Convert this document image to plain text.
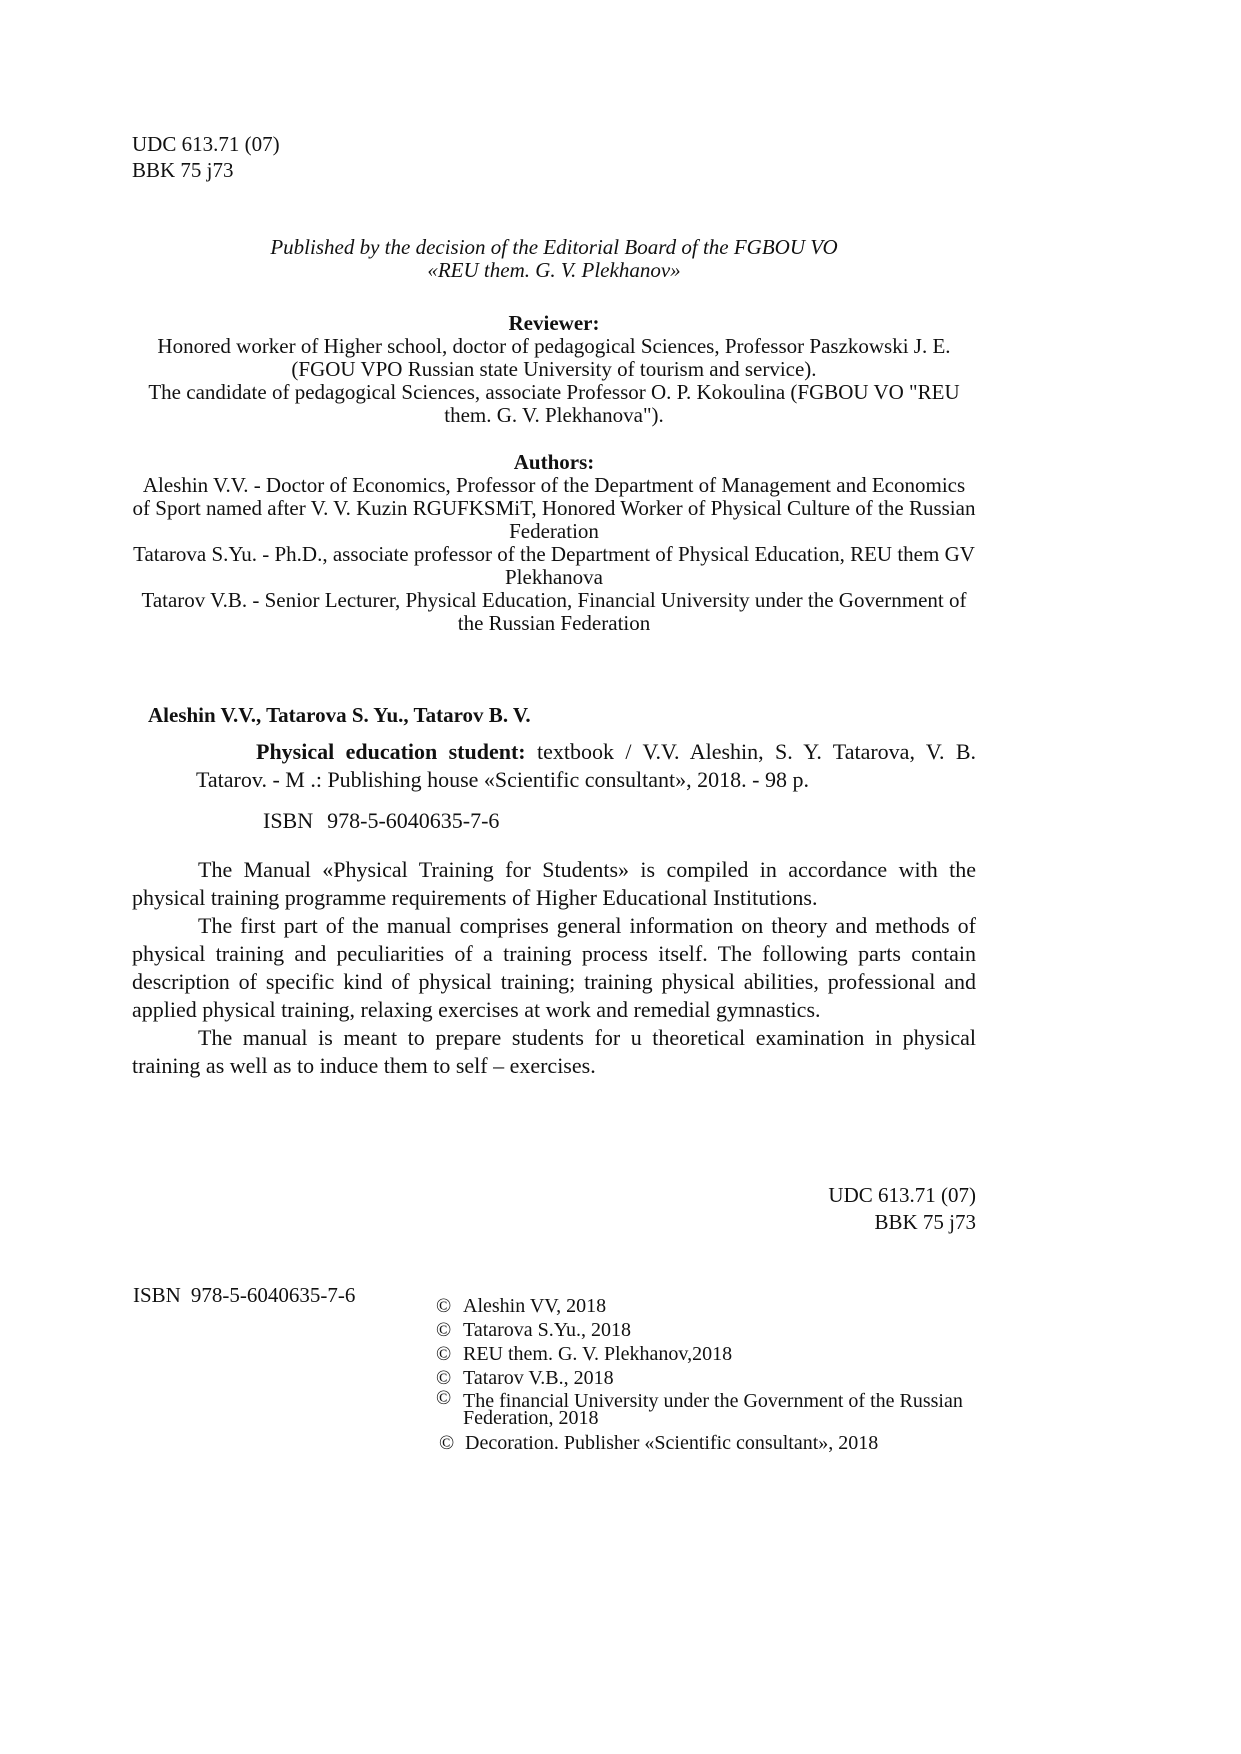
UDC 613.71 (07)
BBK 75 j73
Published by the decision of the Editorial Board of the FGBOU VO
«REU them. G. V. Plekhanov»
Reviewer:
Honored worker of Higher school, doctor of pedagogical Sciences, Professor Paszkowski J. E. (FGOU VPO Russian state University of tourism and service).
The candidate of pedagogical Sciences, associate Professor O. P. Kokoulina (FGBOU VO "REU them. G. V. Plekhanova").
Authors:
Aleshin V.V. - Doctor of Economics, Professor of the Department of Management and Economics of Sport named after V. V. Kuzin RGUFKSMiT, Honored Worker of Physical Culture of the Russian Federation
Tatarova S.Yu. - Ph.D., associate professor of the Department of Physical Education, REU them GV Plekhanova
Tatarov V.B. - Senior Lecturer, Physical Education, Financial University under the Government of the Russian Federation
Aleshin V.V., Tatarova S. Yu., Tatarov B. V.
Physical education student: textbook / V.V. Aleshin, S. Y. Tatarova, V. B. Tatarov. - M .: Publishing house «Scientific consultant», 2018. - 98 p.
ISBN 978-5-6040635-7-6

The Manual «Physical Training for Students» is compiled in accordance with the physical training programme requirements of Higher Educational Institutions.

The first part of the manual comprises general information on theory and methods of physical training and peculiarities of a training process itself. The following parts contain description of specific kind of physical training; training physical abilities, professional and applied physical training, relaxing exercises at work and remedial gymnastics.

The manual is meant to prepare students for u theoretical examination in physical training as well as to induce them to self – exercises.

UDC 613.71 (07)
BBK 75 j73
ISBN 978-5-6040635-7-6	© Aleshin VV, 2018
© Tatarova S.Yu., 2018
© REU them. G. V. Plekhanov,2018
© Tatarov V.B., 2018
© The financial University under the Government of the Russian Federation, 2018
© Decoration. Publisher «Scientific consultant», 2018
